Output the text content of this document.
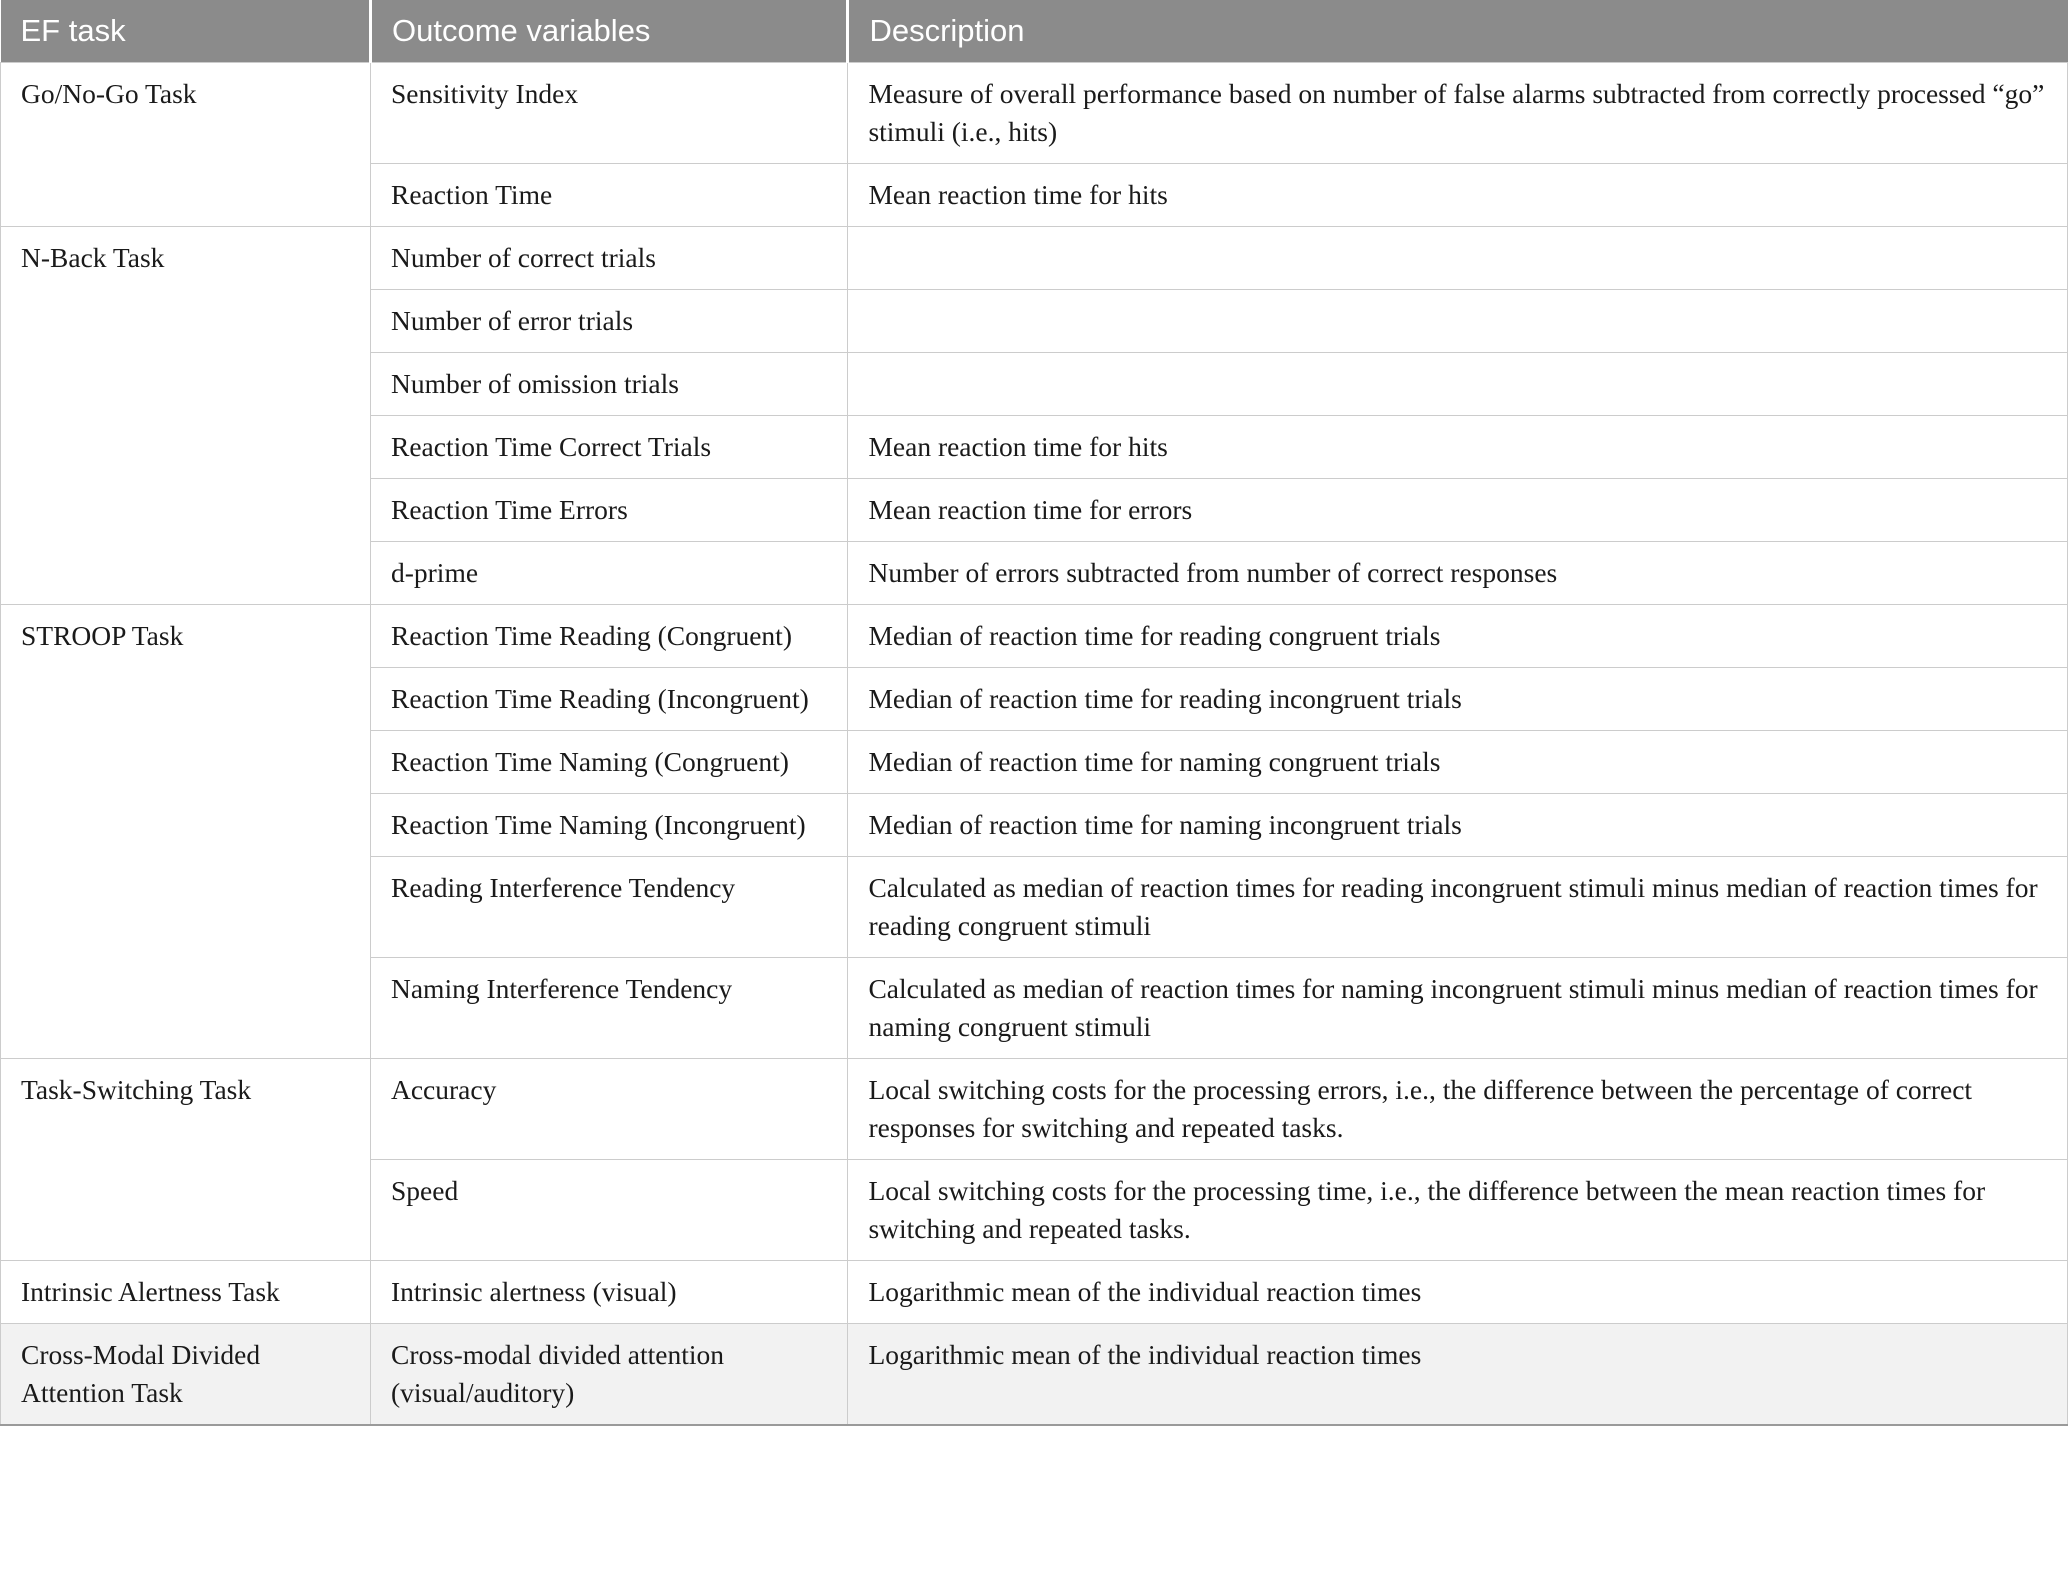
EF task	Outcome variables	Description
Go/No-Go Task	Sensitivity Index	Measure of overall performance based on number of false alarms subtracted from correctly processed “go” stimuli (i.e., hits)
	Reaction Time	Mean reaction time for hits
N-Back Task	Number of correct trials	
	Number of error trials	
	Number of omission trials	
	Reaction Time Correct Trials	Mean reaction time for hits
	Reaction Time Errors	Mean reaction time for errors
	d-prime	Number of errors subtracted from number of correct responses
STROOP Task	Reaction Time Reading (Congruent)	Median of reaction time for reading congruent trials
	Reaction Time Reading (Incongruent)	Median of reaction time for reading incongruent trials
	Reaction Time Naming (Congruent)	Median of reaction time for naming congruent trials
	Reaction Time Naming (Incongruent)	Median of reaction time for naming incongruent trials
	Reading Interference Tendency	Calculated as median of reaction times for reading incongruent stimuli minus median of reaction times for reading congruent stimuli
	Naming Interference Tendency	Calculated as median of reaction times for naming incongruent stimuli minus median of reaction times for naming congruent stimuli
Task-Switching Task	Accuracy	Local switching costs for the processing errors, i.e., the difference between the percentage of correct responses for switching and repeated tasks.
	Speed	Local switching costs for the processing time, i.e., the difference between the mean reaction times for switching and repeated tasks.
Intrinsic Alertness Task	Intrinsic alertness (visual)	Logarithmic mean of the individual reaction times
Cross-Modal Divided Attention Task	Cross-modal divided attention (visual/auditory)	Logarithmic mean of the individual reaction times
